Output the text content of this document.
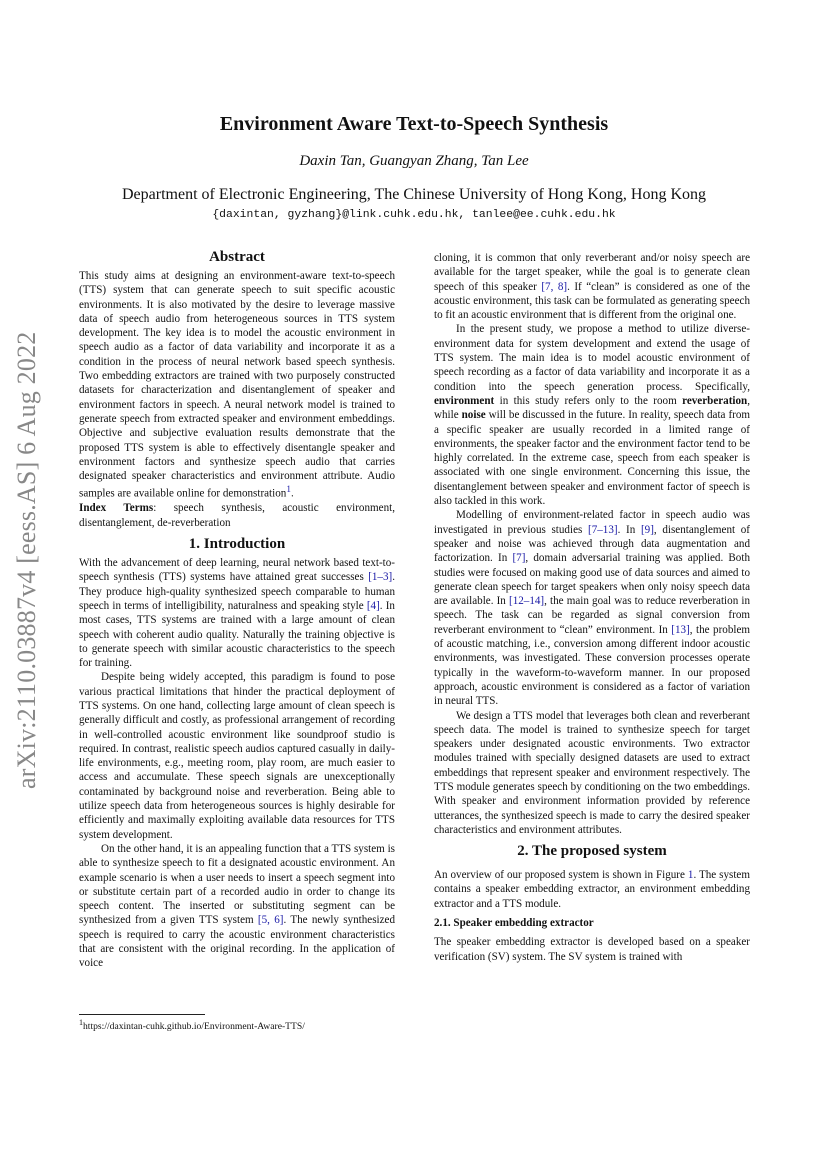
arXiv:2110.03887v4 [eess.AS] 6 Aug 2022
Environment Aware Text-to-Speech Synthesis
Daxin Tan, Guangyan Zhang, Tan Lee
Department of Electronic Engineering, The Chinese University of Hong Kong, Hong Kong
{daxintan, gyzhang}@link.cuhk.edu.hk, tanlee@ee.cuhk.edu.hk
Abstract

This study aims at designing an environment-aware text-to-speech (TTS) system that can generate speech to suit specific acoustic environments. It is also motivated by the desire to leverage massive data of speech audio from heterogeneous sources in TTS system development. The key idea is to model the acoustic environment in speech audio as a factor of data variability and incorporate it as a condition in the process of neural network based speech synthesis. Two embedding extractors are trained with two purposely constructed datasets for characterization and disentanglement of speaker and environment factors in speech. A neural network model is trained to generate speech from extracted speaker and environment embeddings. Objective and subjective evaluation results demonstrate that the proposed TTS system is able to effectively disentangle speaker and environment factors and synthesize speech audio that carries designated speaker characteristics and environment attribute. Audio samples are available online for demonstration$^1$.

Index Terms: speech synthesis, acoustic environment, disentanglement, de-reverberation

1. Introduction

With the advancement of deep learning, neural network based text-to-speech synthesis (TTS) systems have attained great successes [1–3]. They produce high-quality synthesized speech comparable to human speech in terms of intelligibility, naturalness and speaking style [4]. In most cases, TTS systems are trained with a large amount of clean speech with coherent audio quality. Naturally the training objective is to generate speech with similar acoustic characteristics to the speech for training.

Despite being widely accepted, this paradigm is found to pose various practical limitations that hinder the practical deployment of TTS systems. On one hand, collecting large amount of clean speech is generally difficult and costly, as professional arrangement of recording in well-controlled acoustic environment like soundproof studio is required. In contrast, realistic speech audios captured casually in daily-life environments, e.g., meeting room, play room, are much easier to access and accumulate. These speech signals are unexceptionally contaminated by background noise and reverberation. Being able to utilize speech data from heterogeneous sources is highly desirable for efficiently and maximally exploiting available data resources for TTS system development.

On the other hand, it is an appealing function that a TTS system is able to synthesize speech to fit a designated acoustic environment. An example scenario is when a user needs to insert a speech segment into or substitute certain part of a recorded audio in order to change its speech content. The inserted or substituting segment can be synthesized from a given TTS system [5, 6]. The newly synthesized speech is required to carry the acoustic environment characteristics that are consistent with the original recording. In the application of voice

$^1$https://daxintan-cuhk.github.io/Environment-Aware-TTS/

cloning, it is common that only reverberant and/or noisy speech are available for the target speaker, while the goal is to generate clean speech of this speaker [7, 8]. If “clean” is considered as one of the acoustic environment, this task can be formulated as generating speech to fit an acoustic environment that is different from the original one.

In the present study, we propose a method to utilize diverse-environment data for system development and extend the usage of TTS system. The main idea is to model acoustic environment of speech recording as a factor of data variability and incorporate it as a condition into the speech generation process. Specifically, environment in this study refers only to the room reverberation, while noise will be discussed in the future. In reality, speech data from a specific speaker are usually recorded in a limited range of environments, the speaker factor and the environment factor tend to be highly correlated. In the extreme case, speech from each speaker is associated with one single environment. Concerning this issue, the disentanglement between speaker and environment factor of speech is also tackled in this work.

Modelling of environment-related factor in speech audio was investigated in previous studies [7–13]. In [9], disentanglement of speaker and noise was achieved through data augmentation and factorization. In [7], domain adversarial training was applied. Both studies were focused on making good use of data sources and aimed to generate clean speech for target speakers when only noisy speech data are available. In [12–14], the main goal was to reduce reverberation in speech. The task can be regarded as signal conversion from reverberant environment to “clean” environment. In [13], the problem of acoustic matching, i.e., conversion among different indoor acoustic environments, was investigated. These conversion processes operate typically in the waveform-to-waveform manner. In our proposed approach, acoustic environment is considered as a factor of variation in neural TTS.

We design a TTS model that leverages both clean and reverberant speech data. The model is trained to synthesize speech for target speakers under designated acoustic environments. Two extractor modules trained with specially designed datasets are used to extract embeddings that represent speaker and environment respectively. The TTS module generates speech by conditioning on the two embeddings. With speaker and environment information provided by reference utterances, the synthesized speech is made to carry the desired speaker characteristics and environment attributes.

2. The proposed system

An overview of our proposed system is shown in Figure 1. The system contains a speaker embedding extractor, an environment embedding extractor and a TTS module.

2.1. Speaker embedding extractor

The speaker embedding extractor is developed based on a speaker verification (SV) system. The SV system is trained with
